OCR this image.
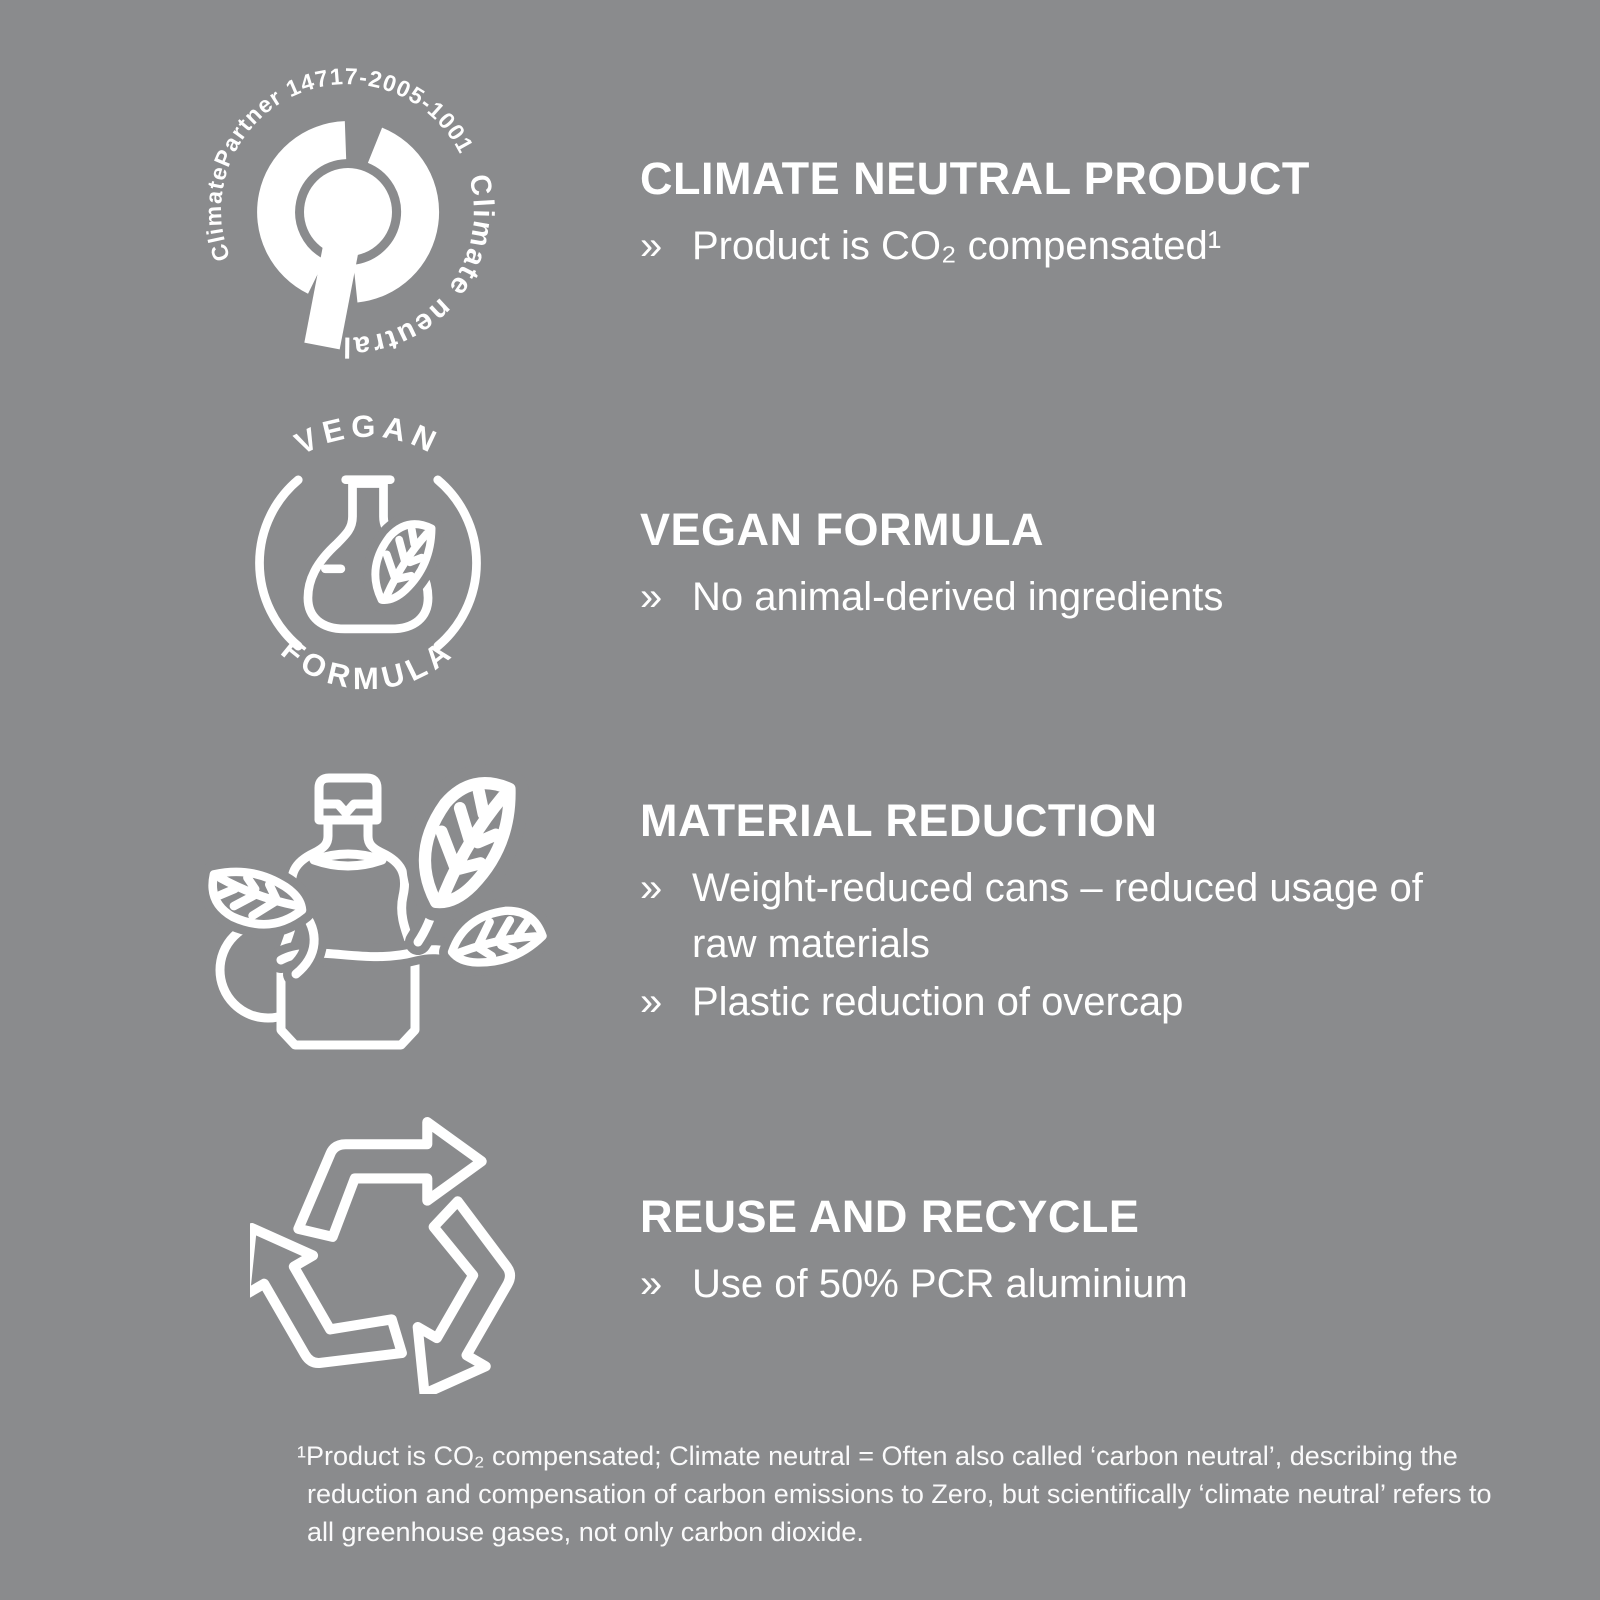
ClimatePartner 14717-2005-1001
Climate neutral
CLIMATE NEUTRAL PRODUCT
» Product is CO₂ compensated¹
VEGAN
FORMULA
VEGAN FORMULA
» No animal-derived ingredients
MATERIAL REDUCTION
» Weight-reduced cans – reduced usage of raw materials
» Plastic reduction of overcap
REUSE AND RECYCLE
» Use of 50% PCR aluminium
¹Product is CO₂ compensated; Climate neutral = Often also called ‘carbon neutral’, describing the reduction and compensation of carbon emissions to Zero, but scientifically ‘climate neutral’ refers to all greenhouse gases, not only carbon dioxide.
